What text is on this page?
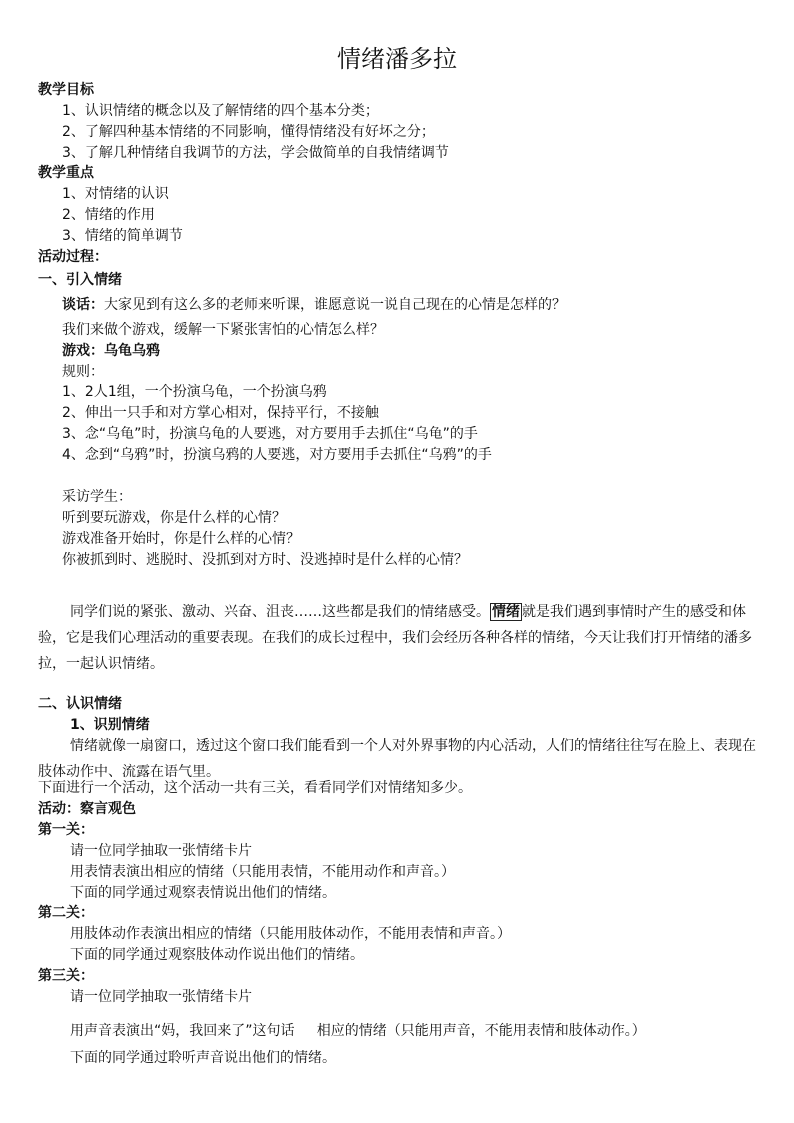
情绪潘多拉
教学目标
1、认识情绪的概念以及了解情绪的四个基本分类；
2、了解四种基本情绪的不同影响，懂得情绪没有好坏之分；
3、了解几种情绪自我调节的方法，学会做简单的自我情绪调节
教学重点
1、对情绪的认识
2、情绪的作用
3、情绪的简单调节
活动过程：
一、引入情绪
谈话：大家见到有这么多的老师来听课，谁愿意说一说自己现在的心情是怎样的？
我们来做个游戏，缓解一下紧张害怕的心情怎么样？
游戏：乌龟乌鸦
规则：
1、2人1组，一个扮演乌龟，一个扮演乌鸦
2、伸出一只手和对方掌心相对，保持平行，不接触
3、念“乌龟”时，扮演乌龟的人要逃，对方要用手去抓住“乌龟”的手
4、念到“乌鸦”时，扮演乌鸦的人要逃，对方要用手去抓住“乌鸦”的手
采访学生：
听到要玩游戏，你是什么样的心情？
游戏准备开始时，你是什么样的心情？
你被抓到时、逃脱时、没抓到对方时、没逃掉时是什么样的心情？
同学们说的紧张、激动、兴奋、沮丧……这些都是我们的情绪感受。 情绪 就是我们遇到事情时产生的感受和体验，它是我们心理活动的重要表现。在我们的成长过程中，我们会经历各种各样的情绪，今天让我们打开情绪的潘多拉，一起认识情绪。
二、认识情绪
1、识别情绪
情绪就像一扇窗口，透过这个窗口我们能看到一个人对外界事物的内心活动，人们的情绪往往写在脸上、表现在肢体动作中、流露在语气里。
下面进行一个活动，这个活动一共有三关，看看同学们对情绪知多少。
活动：察言观色
第一关：
请一位同学抽取一张情绪卡片
用表情表演出相应的情绪（只能用表情，不能用动作和声音。）
下面的同学通过观察表情说出他们的情绪。
第二关：
用肢体动作表演出相应的情绪（只能用肢体动作，不能用表情和声音。）
下面的同学通过观察肢体动作说出他们的情绪。
第三关：
请一位同学抽取一张情绪卡片
用声音表演出“妈，我回来了”这句话     相应的情绪（只能用声音，不能用表情和肢体动作。）
下面的同学通过聆听声音说出他们的情绪。
